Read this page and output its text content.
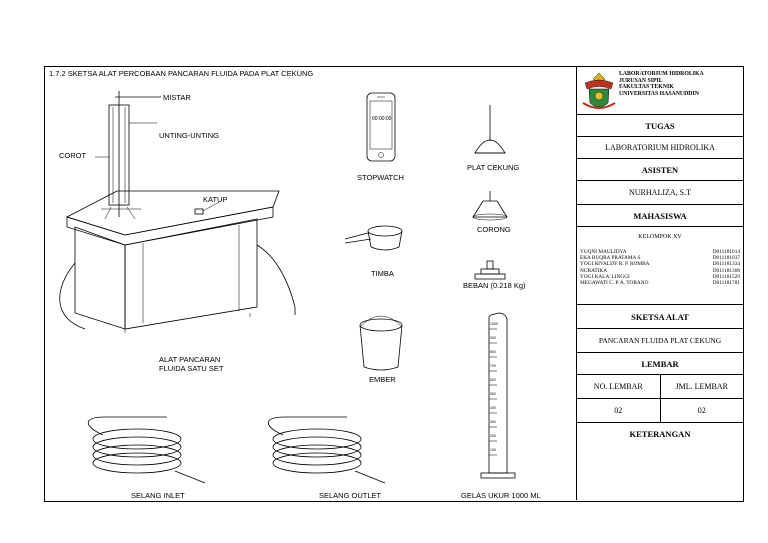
1.7.2 SKETSA ALAT PERCOBAAN PANCARAN FLUIDA PADA PLAT CEKUNG
MISTAR
UNTING-UNTING
COROT
KATUP
ALAT PANCARAN
FLUIDA SATU SET
STOPWATCH
00:00:00
PLAT CEKUNG
CORONG
TIMBA
BEBAN (0.218 Kg)
EMBER
SELANG INLET	SELANG OUTLET	GELAS UKUR 1000 ML
1000
900
800
700
600
500
400
300
200
100
LABORATORIUM HIDROLIKA
JURUSAN SIPIL
FAKULTAS TEKNIK
UNIVERSITAS HASANUDDIN
TUGAS
LABORATORIUM HIDROLIKA
ASISTEN
NURHALIZA, S.T
MAHASISWA
KELOMPOK XV
YUQNI MAULIDYA	D011181014
EKA BUQRA PRATAMA S.	D011181037
YOGI RIVALDY R. P. ROMBA	D011181334
NURATIKA	D011181308
YOGI KALA' LINGGI	D011181529
MEGAWATI C. P. A. TORANO	D011181781
SKETSA ALAT
PANCARAN FLUIDA PLAT CEKUNG
LEMBAR
NO. LEMBAR	JML. LEMBAR
02	02
KETERANGAN
